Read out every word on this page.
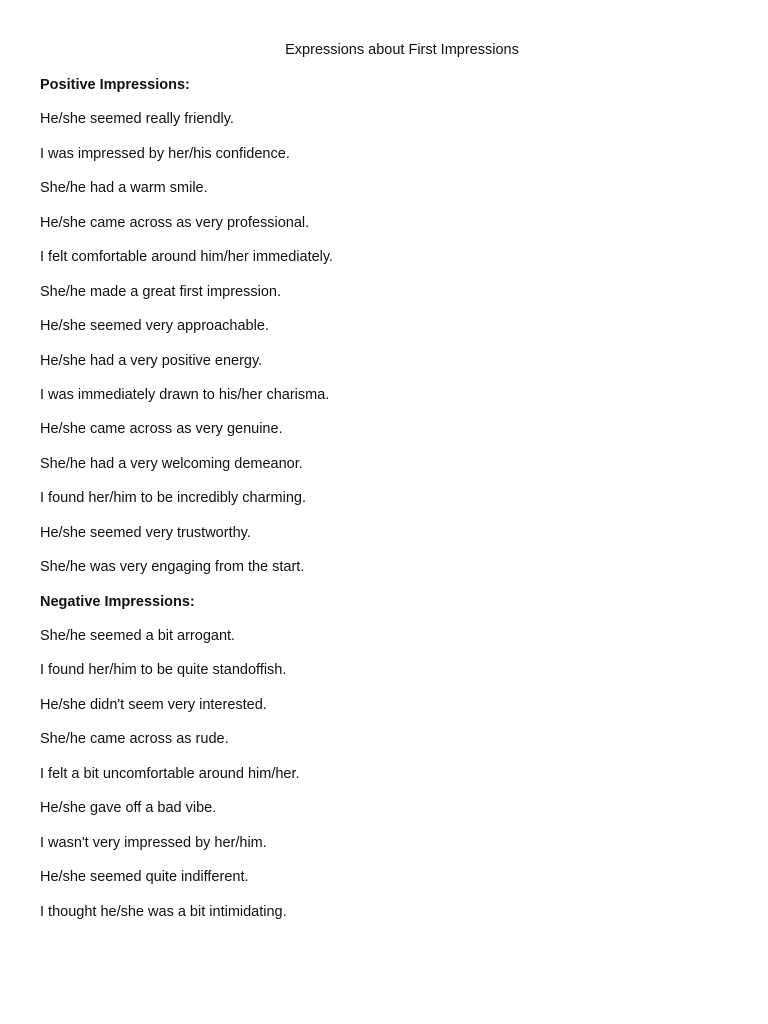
Expressions about First Impressions
Positive Impressions:
He/she seemed really friendly.
I was impressed by her/his confidence.
She/he had a warm smile.
He/she came across as very professional.
I felt comfortable around him/her immediately.
She/he made a great first impression.
He/she seemed very approachable.
He/she had a very positive energy.
I was immediately drawn to his/her charisma.
He/she came across as very genuine.
She/he had a very welcoming demeanor.
I found her/him to be incredibly charming.
He/she seemed very trustworthy.
She/he was very engaging from the start.
Negative Impressions:
She/he seemed a bit arrogant.
I found her/him to be quite standoffish.
He/she didn't seem very interested.
She/he came across as rude.
I felt a bit uncomfortable around him/her.
He/she gave off a bad vibe.
I wasn't very impressed by her/him.
He/she seemed quite indifferent.
I thought he/she was a bit intimidating.
